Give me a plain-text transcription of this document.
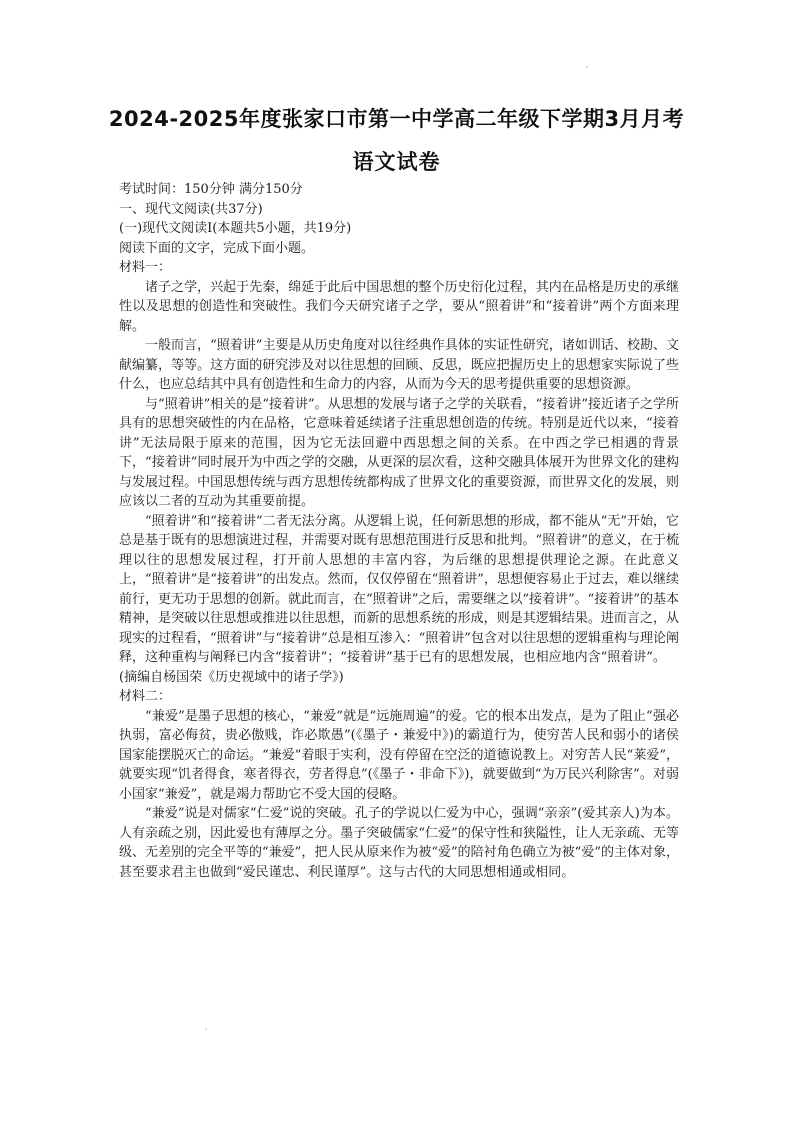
2024-2025年度张家口市第一中学高二年级下学期3月月考
语文试卷

考试时间：150分钟 满分150分

一、现代文阅读(共37分)

(一)现代文阅读I(本题共5小题，共19分)

阅读下面的文字，完成下面小题。

材料一：

诸子之学，兴起于先秦，绵延于此后中国思想的整个历史衍化过程，其内在品格是历史的承继性以及思想的创造性和突破性。我们今天研究诸子之学，要从“照着讲”和“接着讲”两个方面来理解。

一般而言，“照着讲”主要是从历史角度对以往经典作具体的实证性研究，诸如训话、校勘、文献编纂，等等。这方面的研究涉及对以往思想的回顾、反思，既应把握历史上的思想家实际说了些什么，也应总结其中具有创造性和生命力的内容，从而为今天的思考提供重要的思想资源。

与“照着讲”相关的是“接着讲”。从思想的发展与诸子之学的关联看，“接着讲”接近诸子之学所具有的思想突破性的内在品格，它意味着延续诸子注重思想创造的传统。特别是近代以来，“接着讲”无法局限于原来的范围，因为它无法回避中西思想之间的关系。在中西之学已相遇的背景下，“接着讲”同时展开为中西之学的交融，从更深的层次看，这种交融具体展开为世界文化的建构与发展过程。中国思想传统与西方思想传统都构成了世界文化的重要资源，而世界文化的发展，则应该以二者的互动为其重要前提。

“照着讲”和“接着讲”二者无法分离。从逻辑上说，任何新思想的形成，都不能从“无”开始，它总是基于既有的思想演进过程，并需要对既有思想范围进行反思和批判。“照着讲”的意义，在于梳理以往的思想发展过程，打开前人思想的丰富内容，为后继的思想提供理论之源。在此意义上，“照着讲”是“接着讲”的出发点。然而，仅仅停留在“照着讲”，思想便容易止于过去，难以继续前行，更无功于思想的创新。就此而言，在“照着讲”之后，需要继之以“接着讲”。“接着讲”的基本精神，是突破以往思想或推进以往思想，而新的思想系统的形成，则是其逻辑结果。进而言之，从现实的过程看，“照着讲”与“接着讲”总是相互渗入：“照着讲”包含对以往思想的逻辑重构与理论阐释，这种重构与阐释已内含“接着讲”；“接着讲”基于已有的思想发展，也相应地内含“照着讲”。

(摘编自杨国荣《历史视域中的诸子学》)

材料二：

“兼爱”是墨子思想的核心，“兼爱”就是“远施周遍”的爱。它的根本出发点，是为了阻止“强必执弱，富必侮贫，贵必傲贱，诈必欺愚”(《墨子・兼爱中》)的霸道行为，使穷苦人民和弱小的诸侯国家能摆脱灭亡的命运。“兼爱”着眼于实利，没有停留在空泛的道德说教上。对穷苦人民“莱爱”，就要实现“饥者得食，寒者得衣，劳者得息”(《墨子・非命下》)，就要做到“为万民兴利除害”。对弱小国家“兼爱”，就是竭力帮助它不受大国的侵略。

“兼爱”说是对儒家“仁爱”说的突破。孔子的学说以仁爱为中心，强调“亲亲”(爱其亲人)为本。人有亲疏之别，因此爱也有薄厚之分。墨子突破儒家“仁爱”的保守性和狭隘性，让人无亲疏、无等级、无差别的完全平等的“兼爱”，把人民从原来作为被“爱”的陪衬角色确立为被“爱”的主体对象，甚至要求君主也做到“爱民谨忠、利民谨厚”。这与古代的大同思想相通或相同。
